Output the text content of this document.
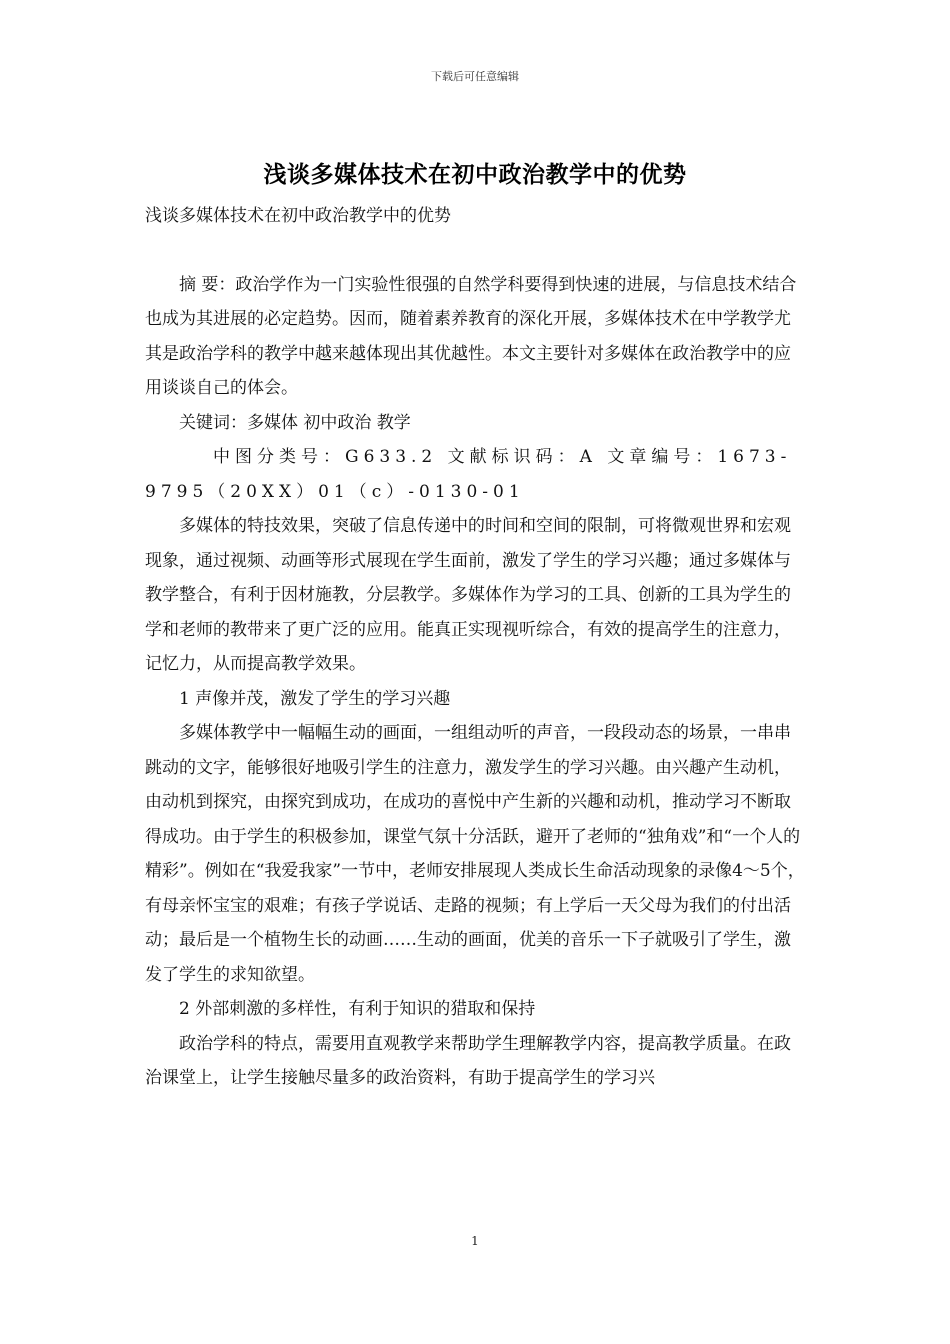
下载后可任意编辑
浅谈多媒体技术在初中政治教学中的优势

浅谈多媒体技术在初中政治教学中的优势

摘 要：政治学作为一门实验性很强的自然学科要得到快速的进展，与信息技术结合也成为其进展的必定趋势。因而，随着素养教育的深化开展，多媒体技术在中学教学尤其是政治学科的教学中越来越体现出其优越性。本文主要针对多媒体在政治教学中的应用谈谈自己的体会。

关键词：多媒体 初中政治 教学

中图分类号：G633.2 文献标识码：A 文章编号：1673-9795（20XX）01（c）-0130-01

多媒体的特技效果，突破了信息传递中的时间和空间的限制，可将微观世界和宏观现象，通过视频、动画等形式展现在学生面前，激发了学生的学习兴趣；通过多媒体与教学整合，有利于因材施教，分层教学。多媒体作为学习的工具、创新的工具为学生的学和老师的教带来了更广泛的应用。能真正实现视听综合，有效的提高学生的注意力，记忆力，从而提高教学效果。

1 声像并茂，激发了学生的学习兴趣

多媒体教学中一幅幅生动的画面，一组组动听的声音，一段段动态的场景，一串串跳动的文字，能够很好地吸引学生的注意力，激发学生的学习兴趣。由兴趣产生动机，由动机到探究，由探究到成功，在成功的喜悦中产生新的兴趣和动机，推动学习不断取得成功。由于学生的积极参加，课堂气氛十分活跃，避开了老师的“独角戏”和“一个人的精彩”。例如在“我爱我家”一节中，老师安排展现人类成长生命活动现象的录像4～5个，有母亲怀宝宝的艰难；有孩子学说话、走路的视频；有上学后一天父母为我们的付出活动；最后是一个植物生长的动画……生动的画面，优美的音乐一下子就吸引了学生，激发了学生的求知欲望。

2 外部刺激的多样性，有利于知识的猎取和保持

政治学科的特点，需要用直观教学来帮助学生理解教学内容，提高教学质量。在政治课堂上，让学生接触尽量多的政治资料，有助于提高学生的学习兴

1
